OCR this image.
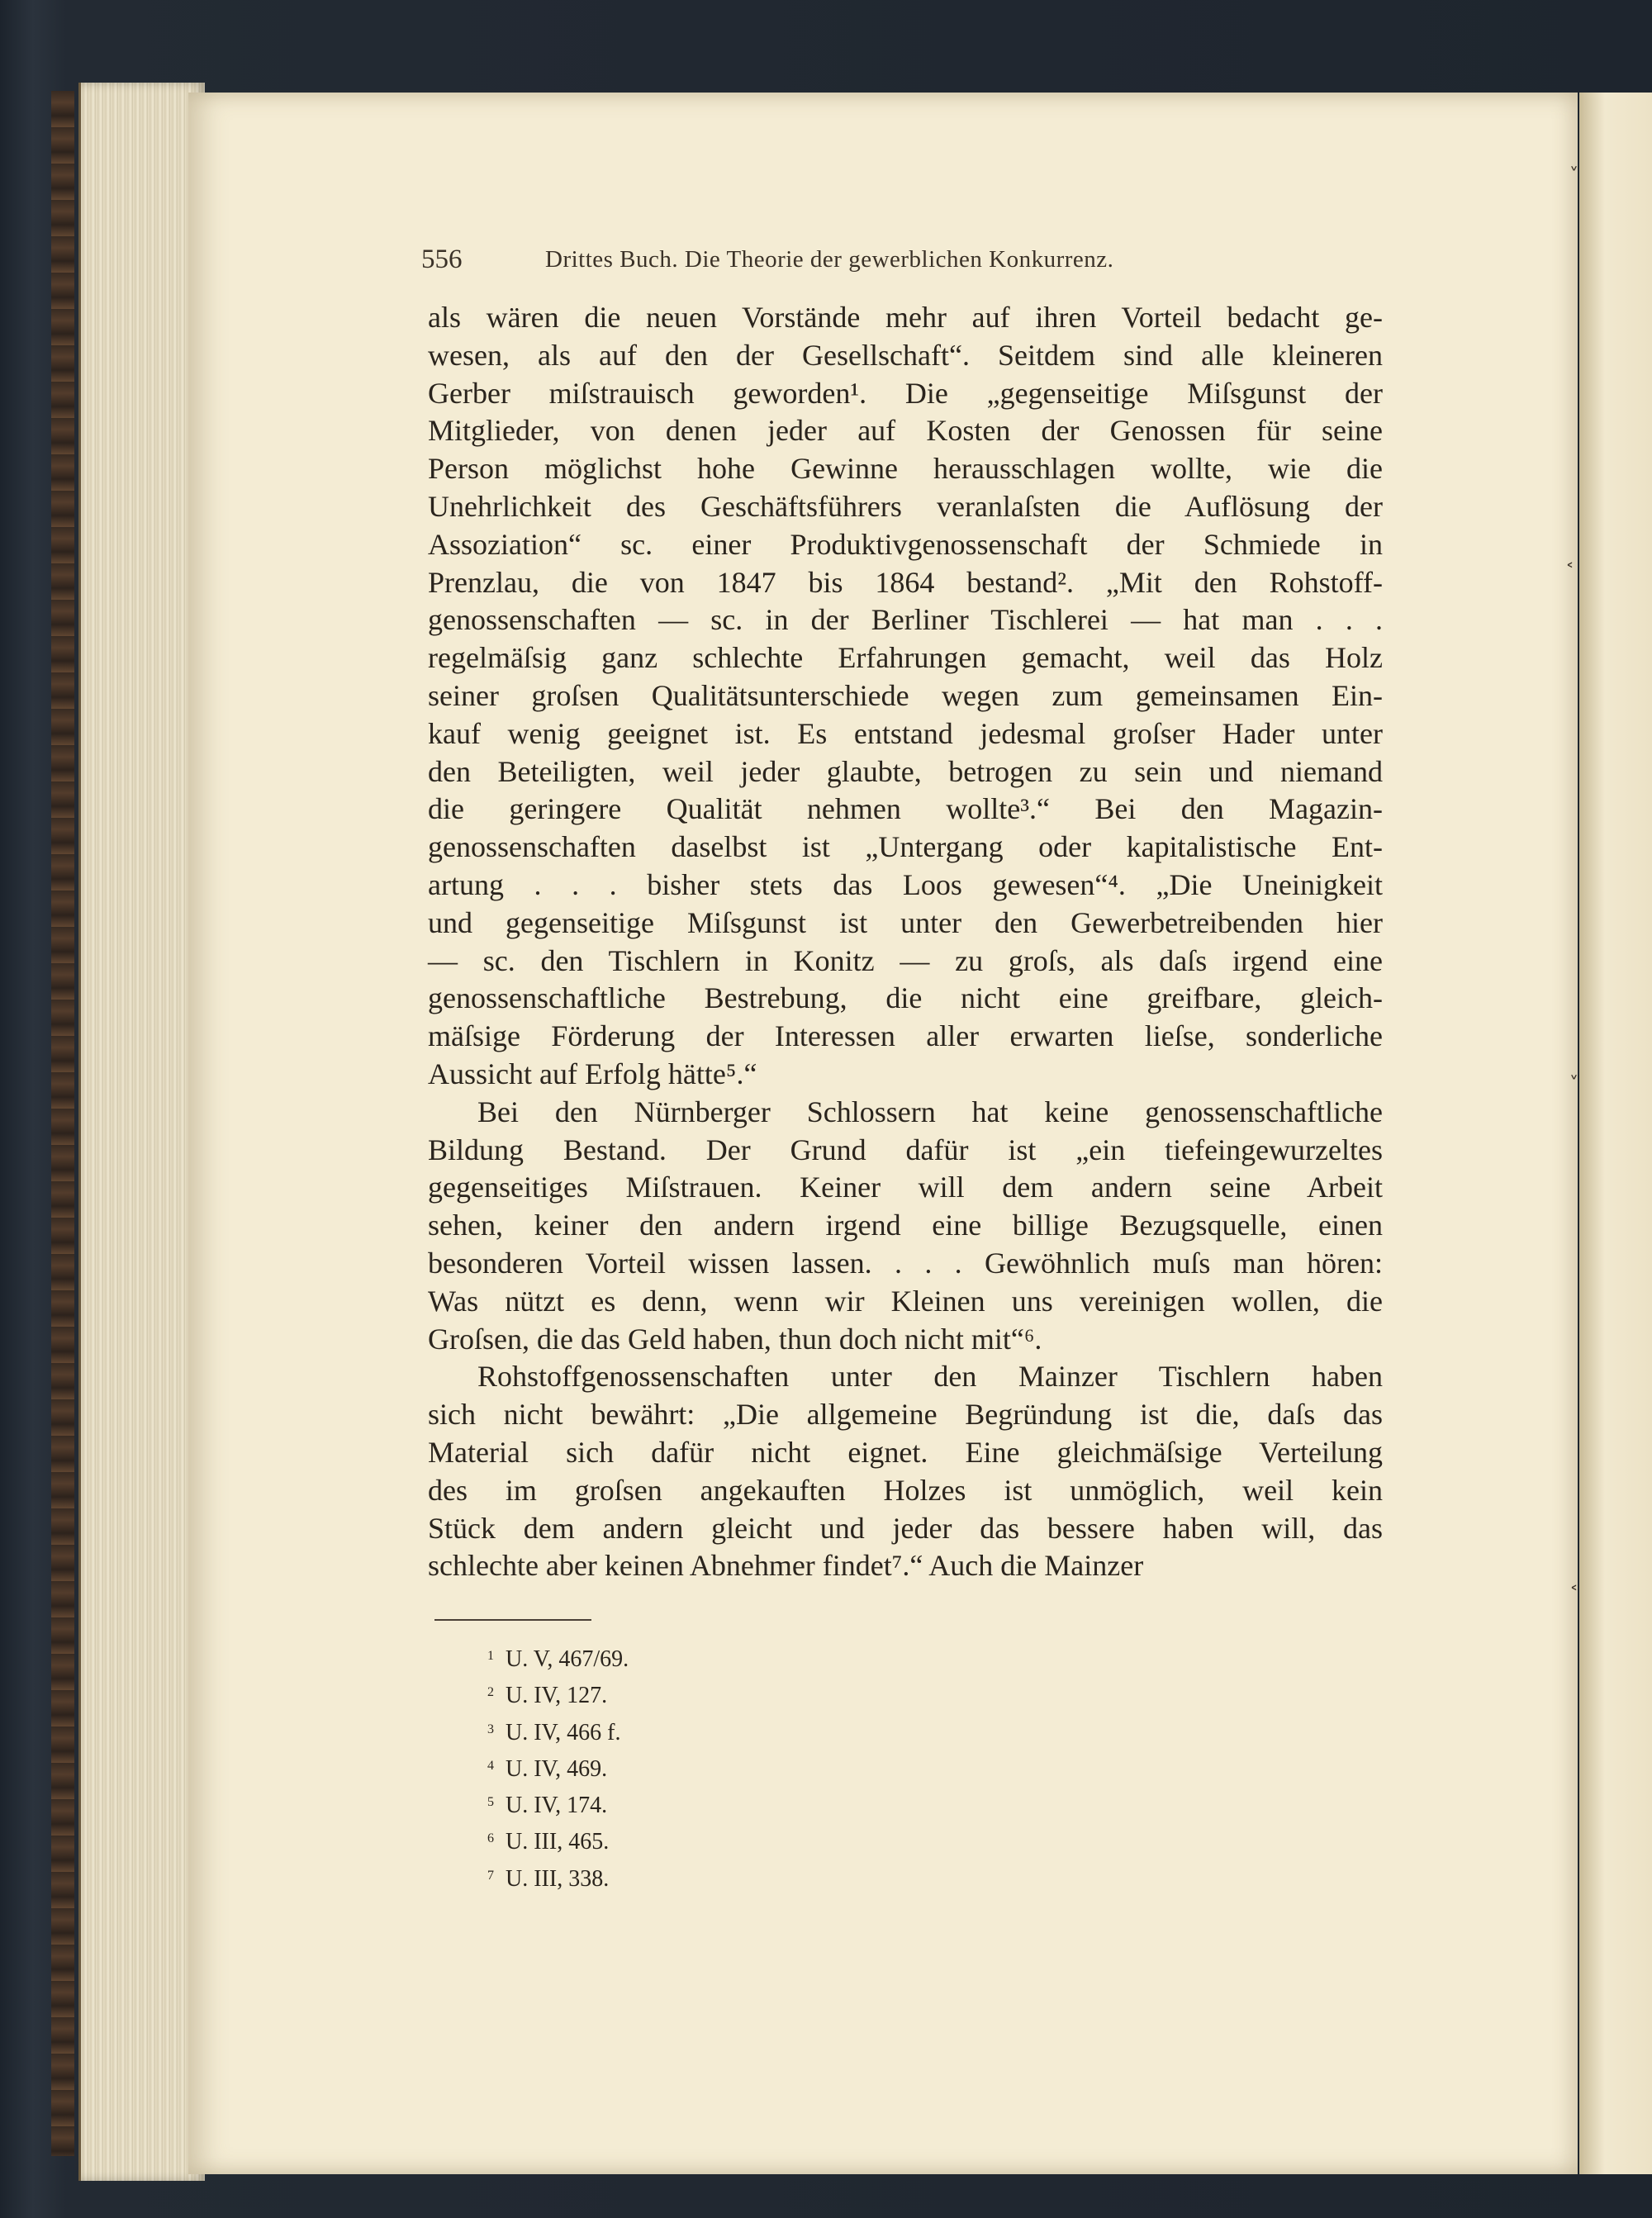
556	Drittes Buch. Die Theorie der gewerblichen Konkurrenz.
als wären die neuen Vorstände mehr auf ihren Vorteil bedacht ge-
wesen, als auf den der Gesellschaft“. Seitdem sind alle kleineren
Gerber miſstrauisch geworden¹. Die „gegenseitige Miſsgunst der
Mitglieder, von denen jeder auf Kosten der Genossen für seine
Person möglichst hohe Gewinne herausschlagen wollte, wie die
Unehrlichkeit des Geschäftsführers veranlaſsten die Auflösung der
Assoziation“ sc. einer Produktivgenossenschaft der Schmiede in
Prenzlau, die von 1847 bis 1864 bestand². „Mit den Rohstoff-
genossenschaften — sc. in der Berliner Tischlerei — hat man . . .
regelmäſsig ganz schlechte Erfahrungen gemacht, weil das Holz
seiner groſsen Qualitätsunterschiede wegen zum gemeinsamen Ein-
kauf wenig geeignet ist. Es entstand jedesmal groſser Hader unter
den Beteiligten, weil jeder glaubte, betrogen zu sein und niemand
die geringere Qualität nehmen wollte³.“ Bei den Magazin-
genossenschaften daselbst ist „Untergang oder kapitalistische Ent-
artung . . . bisher stets das Loos gewesen“⁴. „Die Uneinigkeit
und gegenseitige Miſsgunst ist unter den Gewerbetreibenden hier
— sc. den Tischlern in Konitz — zu groſs, als daſs irgend eine
genossenschaftliche Bestrebung, die nicht eine greifbare, gleich-
mäſsige Förderung der Interessen aller erwarten lieſse, sonderliche
Aussicht auf Erfolg hätte⁵.“
Bei den Nürnberger Schlossern hat keine genossenschaftliche
Bildung Bestand. Der Grund dafür ist „ein tiefeingewurzeltes
gegenseitiges Miſstrauen. Keiner will dem andern seine Arbeit
sehen, keiner den andern irgend eine billige Bezugsquelle, einen
besonderen Vorteil wissen lassen. . . . Gewöhnlich muſs man hören:
Was nützt es denn, wenn wir Kleinen uns vereinigen wollen, die
Groſsen, die das Geld haben, thun doch nicht mit“⁶.
Rohstoffgenossenschaften unter den Mainzer Tischlern haben
sich nicht bewährt: „Die allgemeine Begründung ist die, daſs das
Material sich dafür nicht eignet. Eine gleichmäſsige Verteilung
des im groſsen angekauften Holzes ist unmöglich, weil kein
Stück dem andern gleicht und jeder das bessere haben will, das
schlechte aber keinen Abnehmer findet⁷.“ Auch die Mainzer
$^1$ U. V, 467/69.
$^2$ U. IV, 127.
$^3$ U. IV, 466 f.
$^4$ U. IV, 469.
$^5$ U. IV, 174.
$^6$ U. III, 465.
$^7$ U. III, 338.
˅
˂
˅
˂
